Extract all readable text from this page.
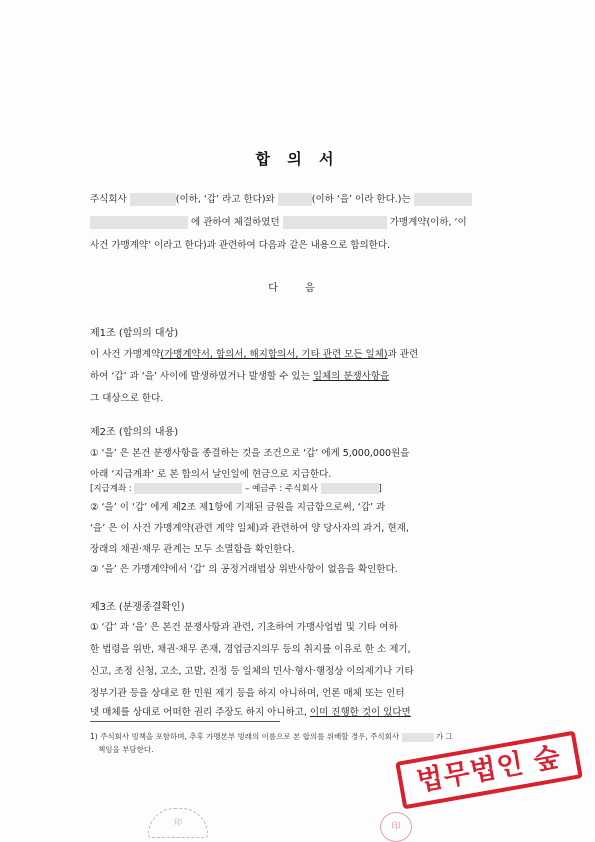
합 의 서
주식회사	(이하, ‘갑’ 라고 한다)와	(이하 ‘을’ 이라 한다.)는
에 관하여 체결하였던	가맹계약(이하, ‘이
사건 가맹계약’ 이라고 한다)과 관련하여 다음과 같은 내용으로 합의한다.
다 음
제1조 (합의의 대상)
이 사건 가맹계약(가맹계약서, 합의서, 해지합의서, 기타 관련 모든 일체)과 관련
하여 ‘갑’ 과 ‘을’ 사이에 발생하였거나 발생할 수 있는 일체의 분쟁사항을
그 대상으로 한다.
제2조 (합의의 내용)
① ‘을’ 은 본건 분쟁사항을 종결하는 것을 조건으로 ‘갑’ 에게 5,000,000원을
아래 ‘지급계좌’ 로 본 합의서 날인일에 현금으로 지급한다.
[지급계좌 :	– 예금주 : 주식회사	]
② ‘을’ 이 ‘갑’ 에게 제2조 제1항에 기재된 금원을 지급함으로써, ‘갑’ 과
‘을’ 은 이 사건 가맹계약(관련 계약 일체)과 관련하여 양 당사자의 과거, 현재,
장래의 채권·채무 관계는 모두 소멸함을 확인한다.
③ ‘을’ 은 가맹계약에서 ‘갑’ 의 공정거래법상 위반사항이 없음을 확인한다.
제3조 (분쟁종결확인)
① ‘갑’ 과 ‘을’ 은 본건 분쟁사항과 관련, 기초하여 가맹사업법 및 기타 여하
한 법령을 위반, 채권·채무 존재, 경업금지의무 등의 취지를 이유로 한 소 제기,
신고, 조정 신청, 고소, 고발, 진정 등 일체의 민사·형사·행정상 이의제기나 기타
정부기관 등을 상대로 한 민원 제기 등을 하지 아니하며, 언론 매체 또는 인터
넷 매체를 상대로 어떠한 권리 주장도 하지 아니하고, 이미 진행한 것이 있다면
1) 주식회사 빙책을 포함하며, 추후 가맹본부 빙래의 이름으로 본 합의를 위배할 경우, 주식회사	가 그
책임을 부담한다.
印	印
법무법인 숲
